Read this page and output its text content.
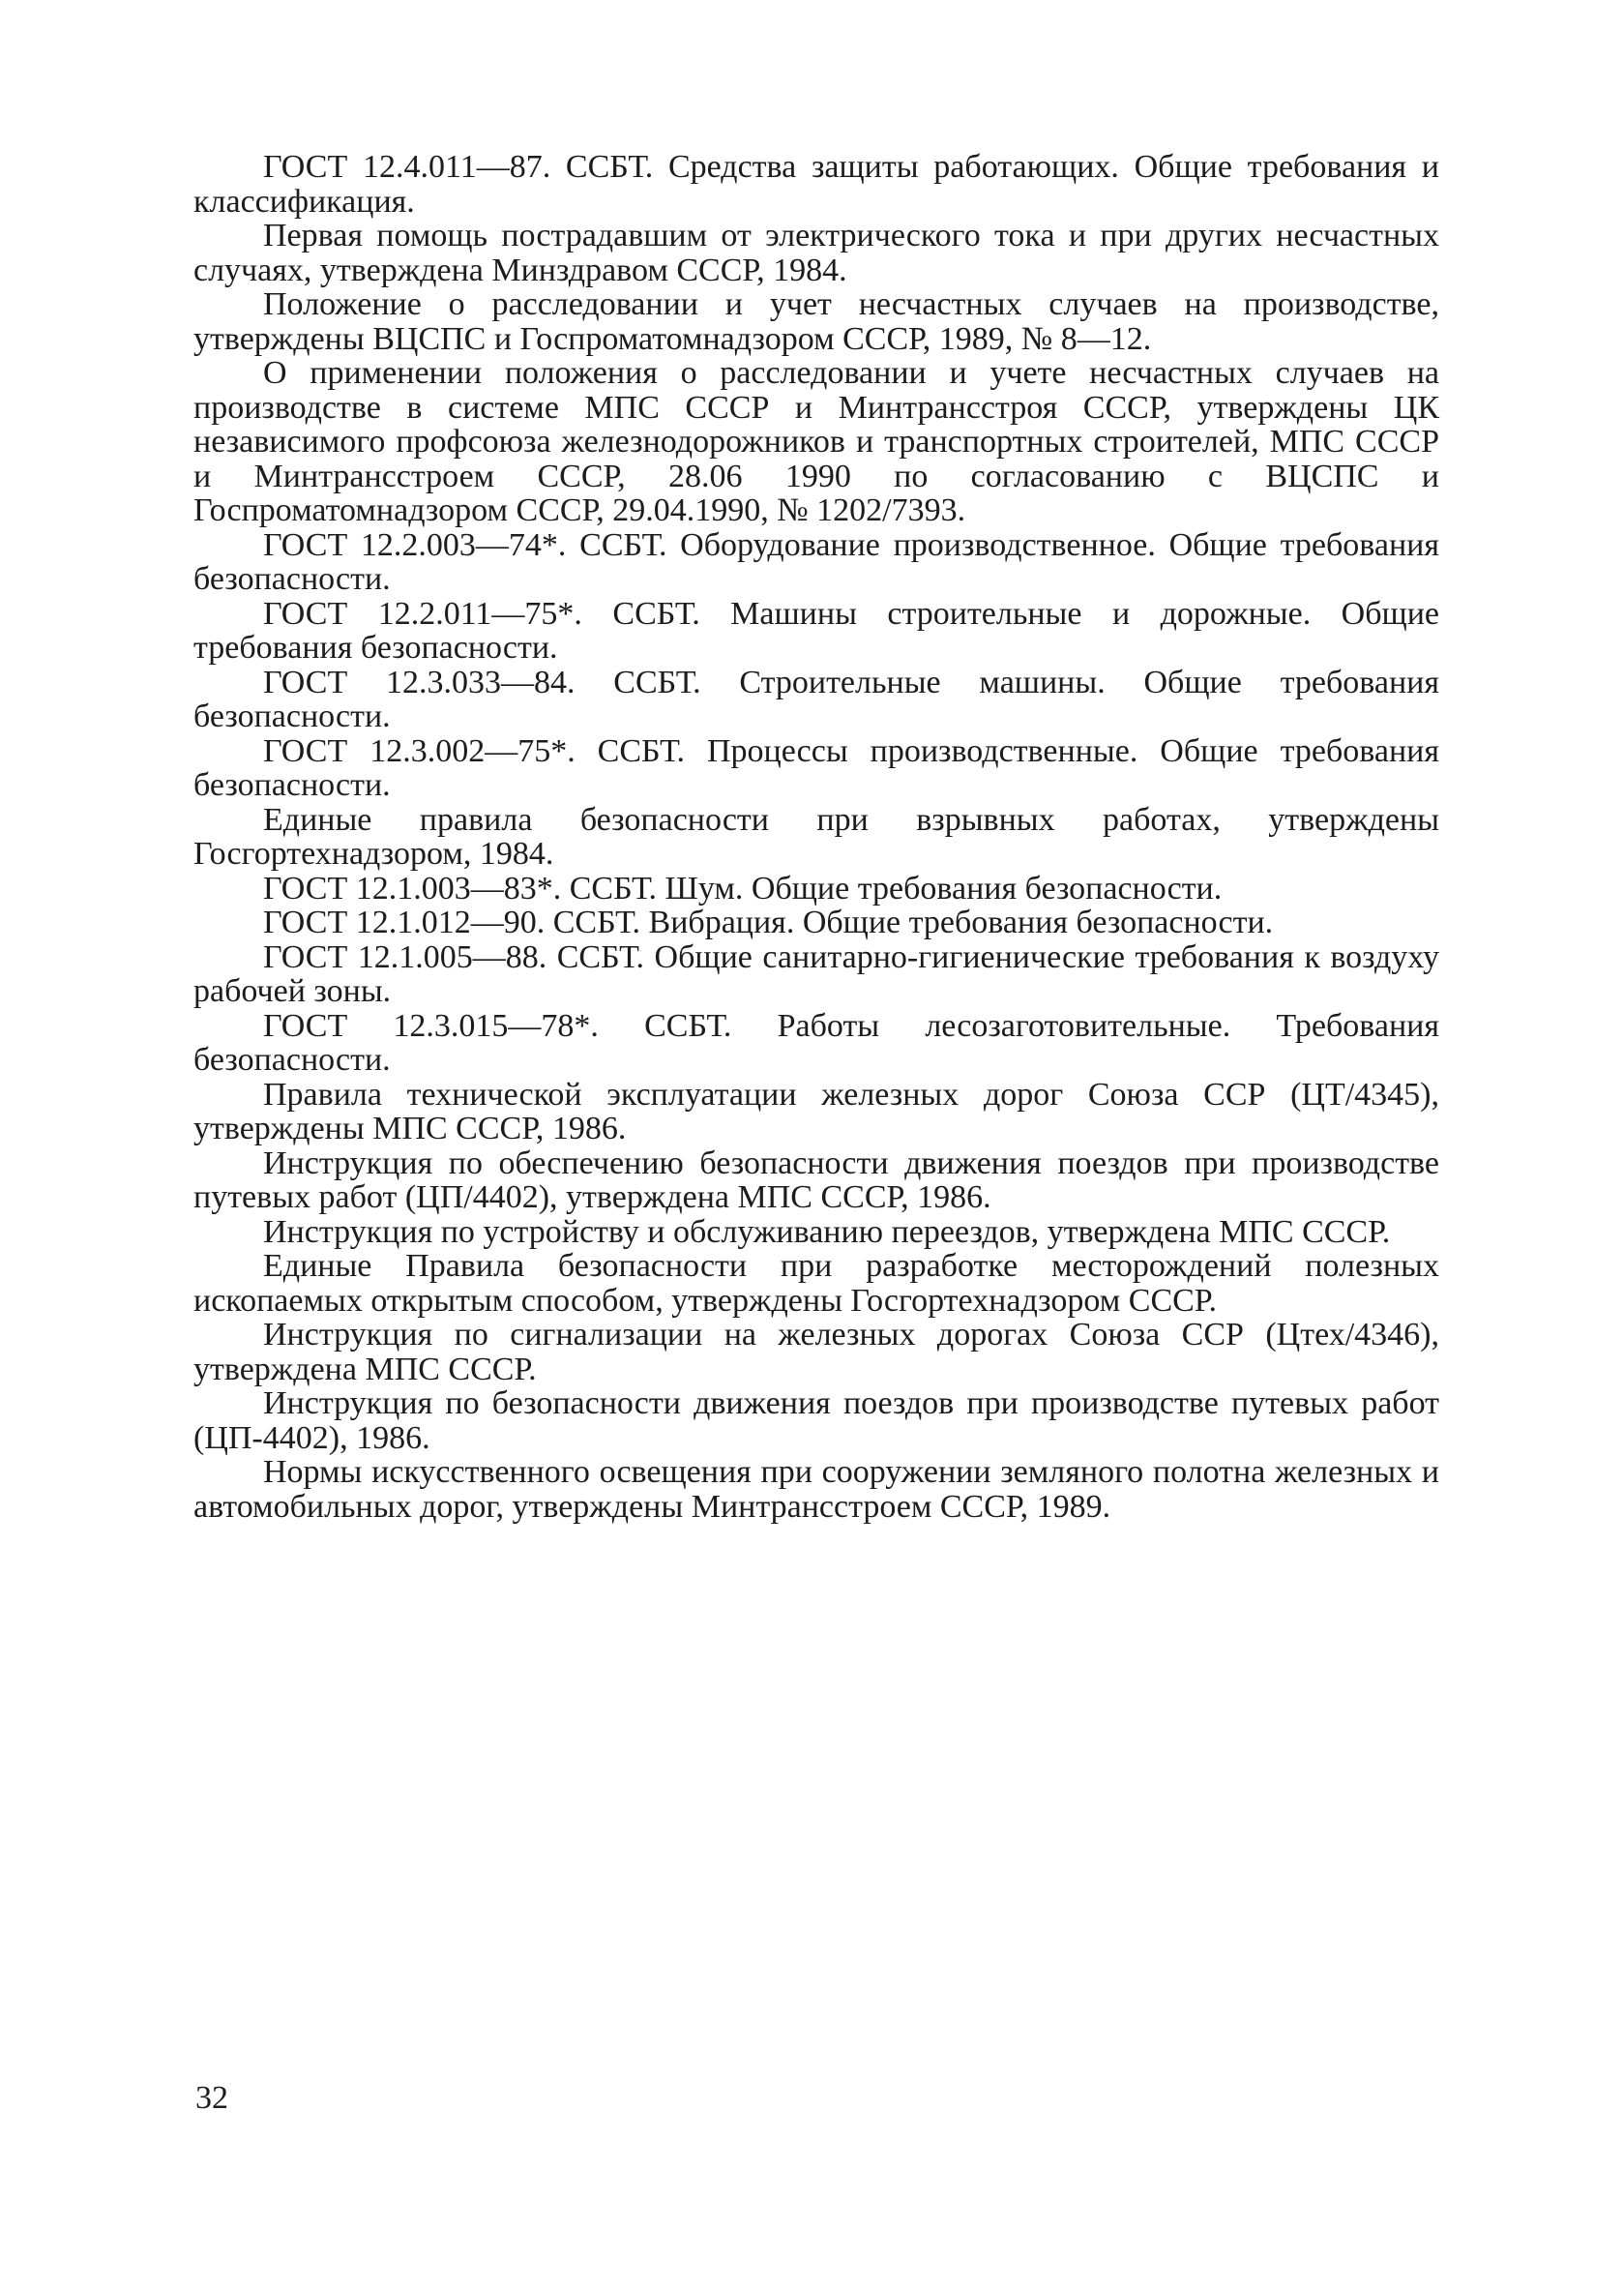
ГОСТ 12.4.011—87. ССБТ. Средства защиты работающих. Общие требования и классификация.

Первая помощь пострадавшим от электрического тока и при других несчастных случаях, утверждена Минздравом СССР, 1984.

Положение о расследовании и учет несчастных случаев на производстве, утверждены ВЦСПС и Госпроматомнадзором СССР, 1989, № 8—12.

О применении положения о расследовании и учете несчастных случаев на производстве в системе МПС СССР и Минтрансстроя СССР, утверждены ЦК независимого профсоюза железнодорожников и транспортных строителей, МПС СССР и Минтрансстроем СССР, 28.06 1990 по согласованию с ВЦСПС и Госпроматомнадзором СССР, 29.04.1990, № 1202/7393.

ГОСТ 12.2.003—74*. ССБТ. Оборудование производственное. Общие требования безопасности.

ГОСТ 12.2.011—75*. ССБТ. Машины строительные и дорожные. Общие требования безопасности.

ГОСТ 12.3.033—84. ССБТ. Строительные машины. Общие требования безопасности.

ГОСТ 12.3.002—75*. ССБТ. Процессы производственные. Общие требования безопасности.

Единые правила безопасности при взрывных работах, утверждены Госгортехнадзором, 1984.

ГОСТ 12.1.003—83*. ССБТ. Шум. Общие требования безопасности.

ГОСТ 12.1.012—90. ССБТ. Вибрация. Общие требования безопасности.

ГОСТ 12.1.005—88. ССБТ. Общие санитарно-гигиенические требования к воздуху рабочей зоны.

ГОСТ 12.3.015—78*. ССБТ. Работы лесозаготовительные. Требования безопасности.

Правила технической эксплуатации железных дорог Союза ССР (ЦТ/4345), утверждены МПС СССР, 1986.

Инструкция по обеспечению безопасности движения поездов при производстве путевых работ (ЦП/4402), утверждена МПС СССР, 1986.

Инструкция по устройству и обслуживанию переездов, утверждена МПС СССР.

Единые Правила безопасности при разработке месторождений полезных ископаемых открытым способом, утверждены Госгортехнадзором СССР.

Инструкция по сигнализации на железных дорогах Союза ССР (Цтех/4346), утверждена МПС СССР.

Инструкция по безопасности движения поездов при производстве путевых работ (ЦП-4402), 1986.

Нормы искусственного освещения при сооружении земляного полотна железных и автомобильных дорог, утверждены Минтрансстроем СССР, 1989.

32
